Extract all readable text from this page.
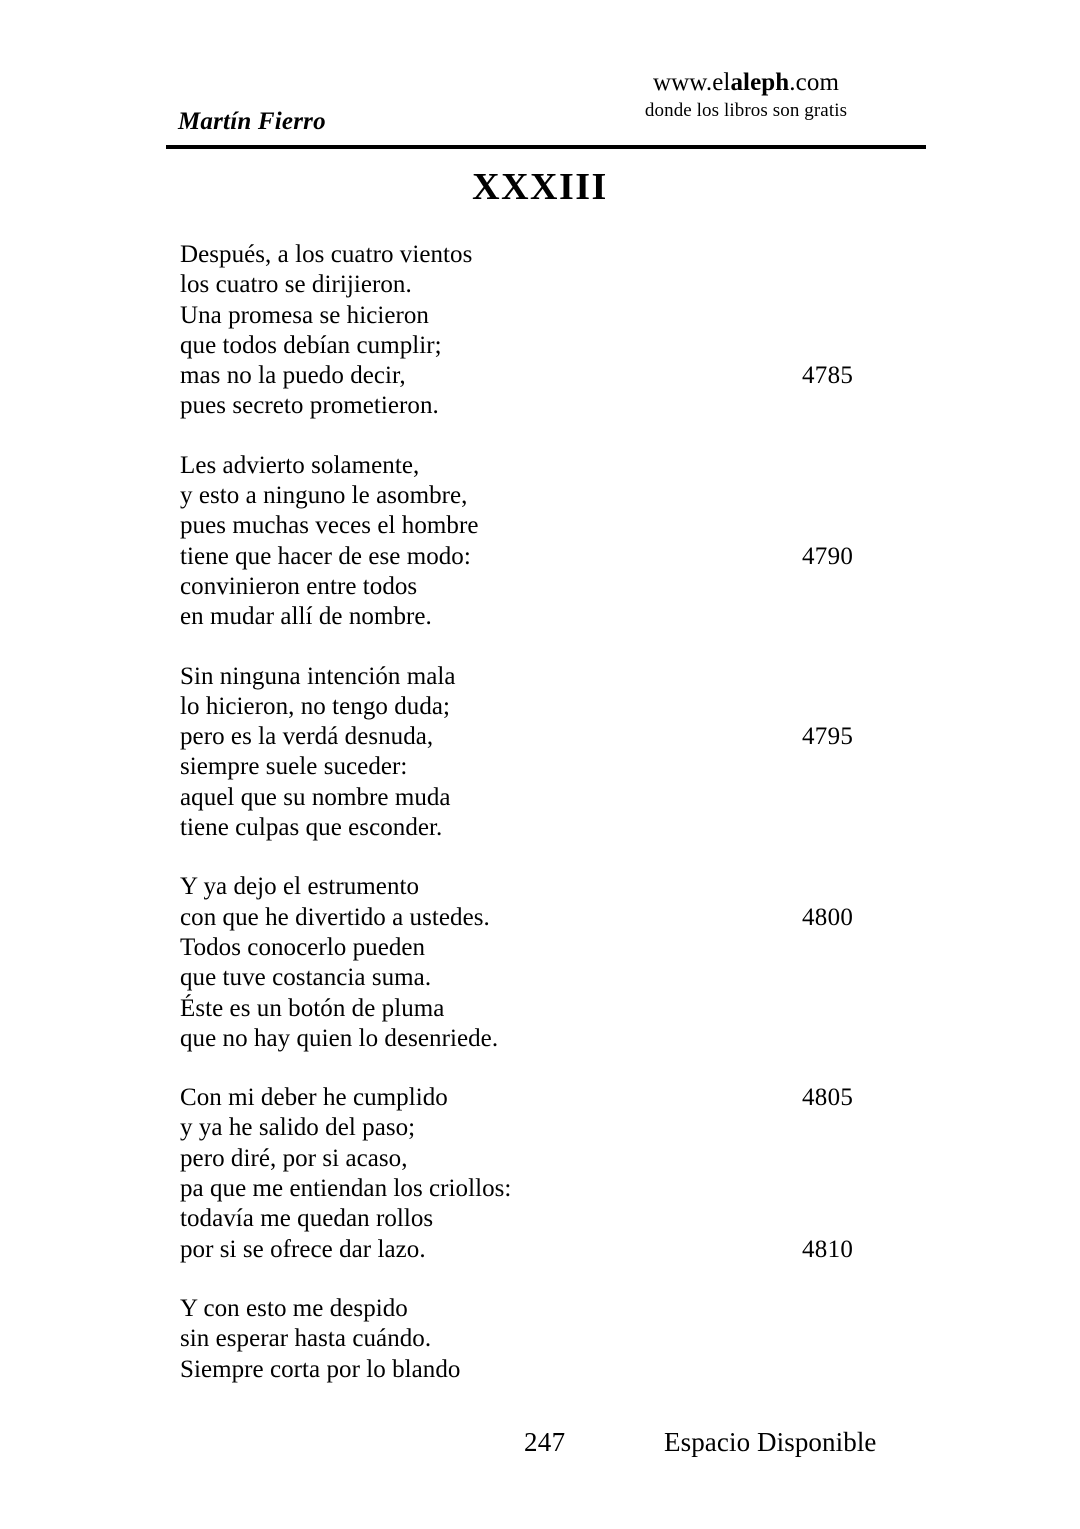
Martín Fierro
www.elaleph.com
donde los libros son gratis
XXXIII
Después, a los cuatro vientos
los cuatro se dirijieron.
Una promesa se hicieron
que todos debían cumplir;
mas no la puedo decir,	4785
pues secreto prometieron.
Les advierto solamente,
y esto a ninguno le asombre,
pues muchas veces el hombre
tiene que hacer de ese modo:	4790
convinieron entre todos
en mudar allí de nombre.
Sin ninguna intención mala
lo hicieron, no tengo duda;
pero es la verdá desnuda,	4795
siempre suele suceder:
aquel que su nombre muda
tiene culpas que esconder.
Y ya dejo el estrumento
con que he divertido a ustedes.	4800
Todos conocerlo pueden
que tuve costancia suma.
Éste es un botón de pluma
que no hay quien lo desenriede.
Con mi deber he cumplido	4805
y ya he salido del paso;
pero diré, por si acaso,
pa que me entiendan los criollos:
todavía me quedan rollos
por si se ofrece dar lazo.	4810
Y con esto me despido
sin esperar hasta cuándo.
Siempre corta por lo blando
247	Espacio Disponible
